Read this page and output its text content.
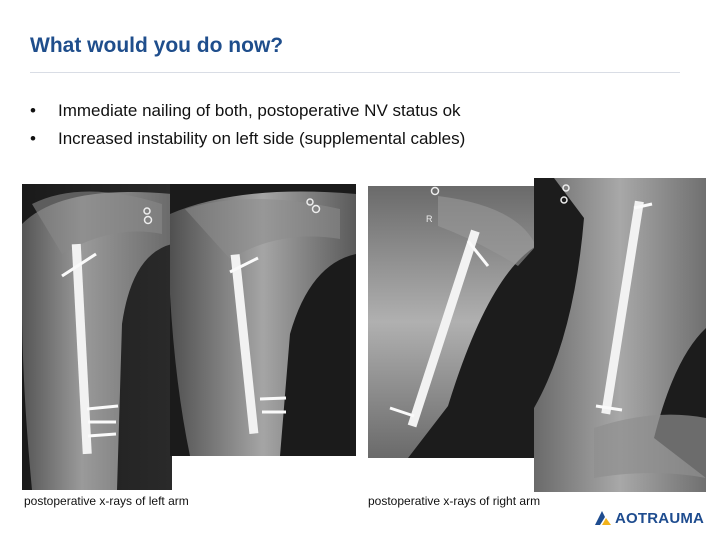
What would you do now?
• Immediate nailing of both, postoperative NV status ok
• Increased instability on left side (supplemental cables)
R
postoperative x-rays of left arm	postoperative x-rays of right arm
AO TRAUMA
